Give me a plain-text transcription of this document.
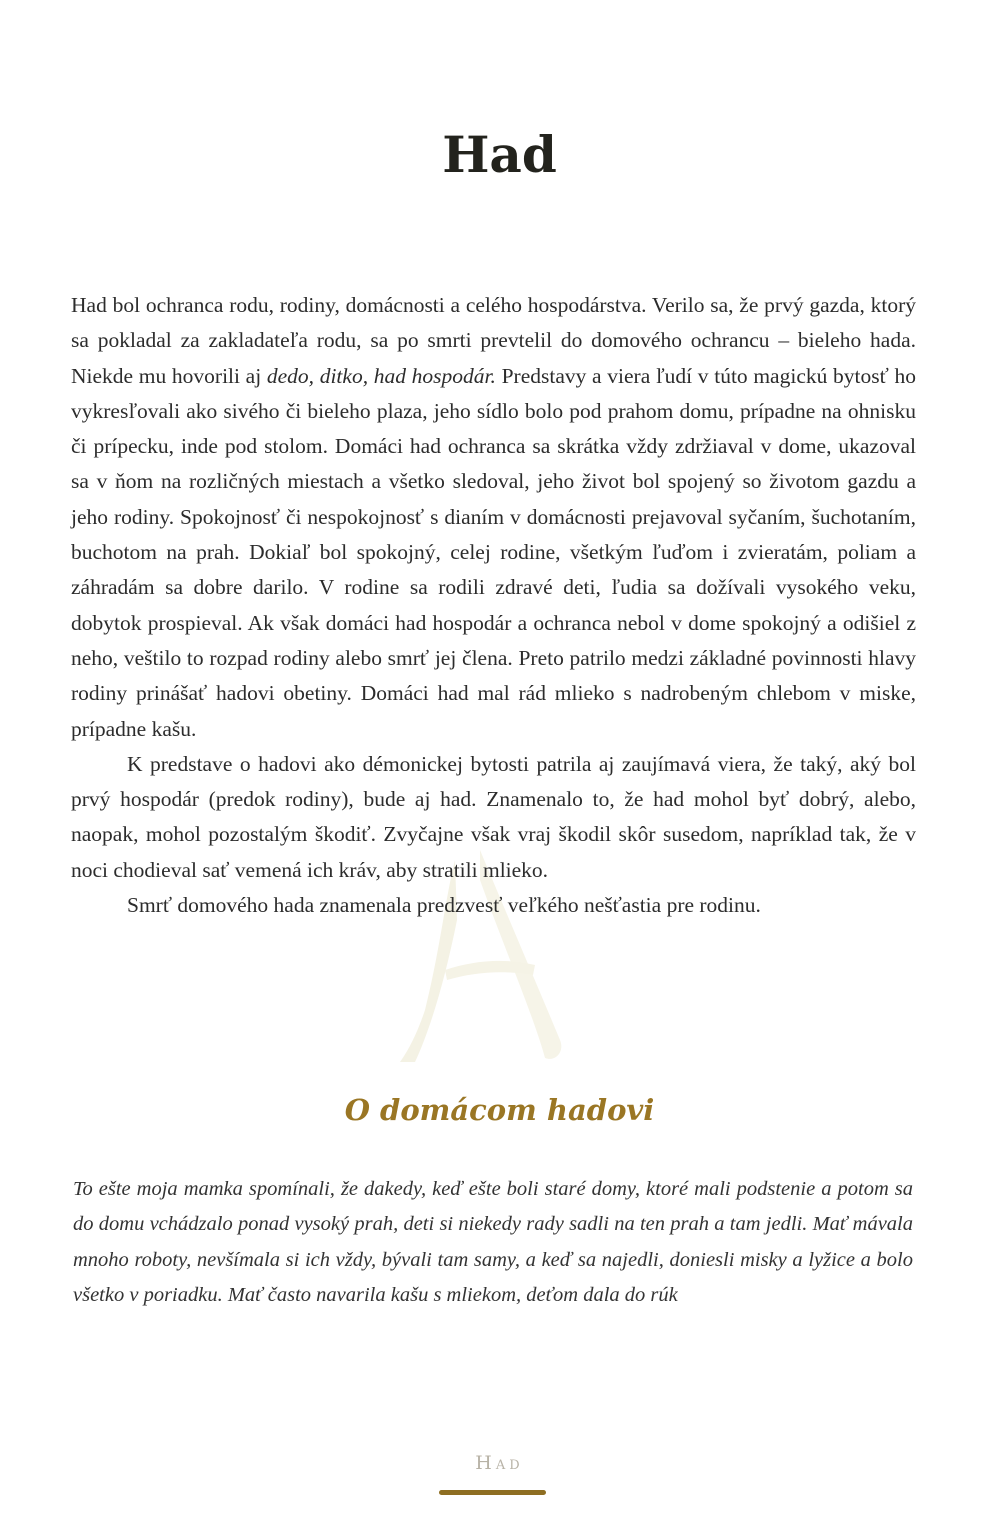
Had

Had bol ochranca rodu, rodiny, domácnosti a celého hospodárstva. Verilo sa, že prvý gazda, ktorý sa pokladal za zakladateľa rodu, sa po smrti prevtelil do domového ochrancu – bieleho hada. Niekde mu hovorili aj dedo, ditko, had hospodár. Predstavy a viera ľudí v túto magickú bytosť ho vykresľovali ako sivého či bieleho plaza, jeho sídlo bolo pod prahom domu, prípadne na ohnisku či prípecku, inde pod stolom. Domáci had ochranca sa skrátka vždy zdržiaval v dome, ukazoval sa v ňom na rozličných miestach a všetko sledoval, jeho život bol spojený so životom gazdu a jeho rodiny. Spokojnosť či nespokojnosť s dianím v domácnosti prejavoval syčaním, šuchotaním, buchotom na prah. Dokiaľ bol spokojný, celej rodine, všetkým ľuďom i zvieratám, poliam a záhradám sa dobre darilo. V rodine sa rodili zdravé deti, ľudia sa dožívali vysokého veku, dobytok prospieval. Ak však domáci had hospodár a ochranca nebol v dome spokojný a odišiel z neho, veštilo to rozpad rodiny alebo smrť jej člena. Preto patrilo medzi základné povinnosti hlavy rodiny prinášať hadovi obetiny. Domáci had mal rád mlieko s nadrobeným chlebom v miske, prípadne kašu.

K predstave o hadovi ako démonickej bytosti patrila aj zaujímavá viera, že taký, aký bol prvý hospodár (predok rodiny), bude aj had. Znamenalo to, že had mohol byť dobrý, alebo, naopak, mohol pozostalým škodiť. Zvyčajne však vraj škodil skôr susedom, napríklad tak, že v noci chodieval sať vemená ich kráv, aby stratili mlieko.

Smrť domového hada znamenala predzvesť veľkého nešťastia pre rodinu.

O domácom hadovi

To ešte moja mamka spomínali, že dakedy, keď ešte boli staré domy, ktoré mali podstenie a potom sa do domu vchádzalo ponad vysoký prah, deti si niekedy rady sadli na ten prah a tam jedli. Mať mávala mnoho roboty, nevšímala si ich vždy, bývali tam samy, a keď sa najedli, doniesli misky a lyžice a bolo všetko v poriadku. Mať často navarila kašu s mliekom, deťom dala do rúk

Had
